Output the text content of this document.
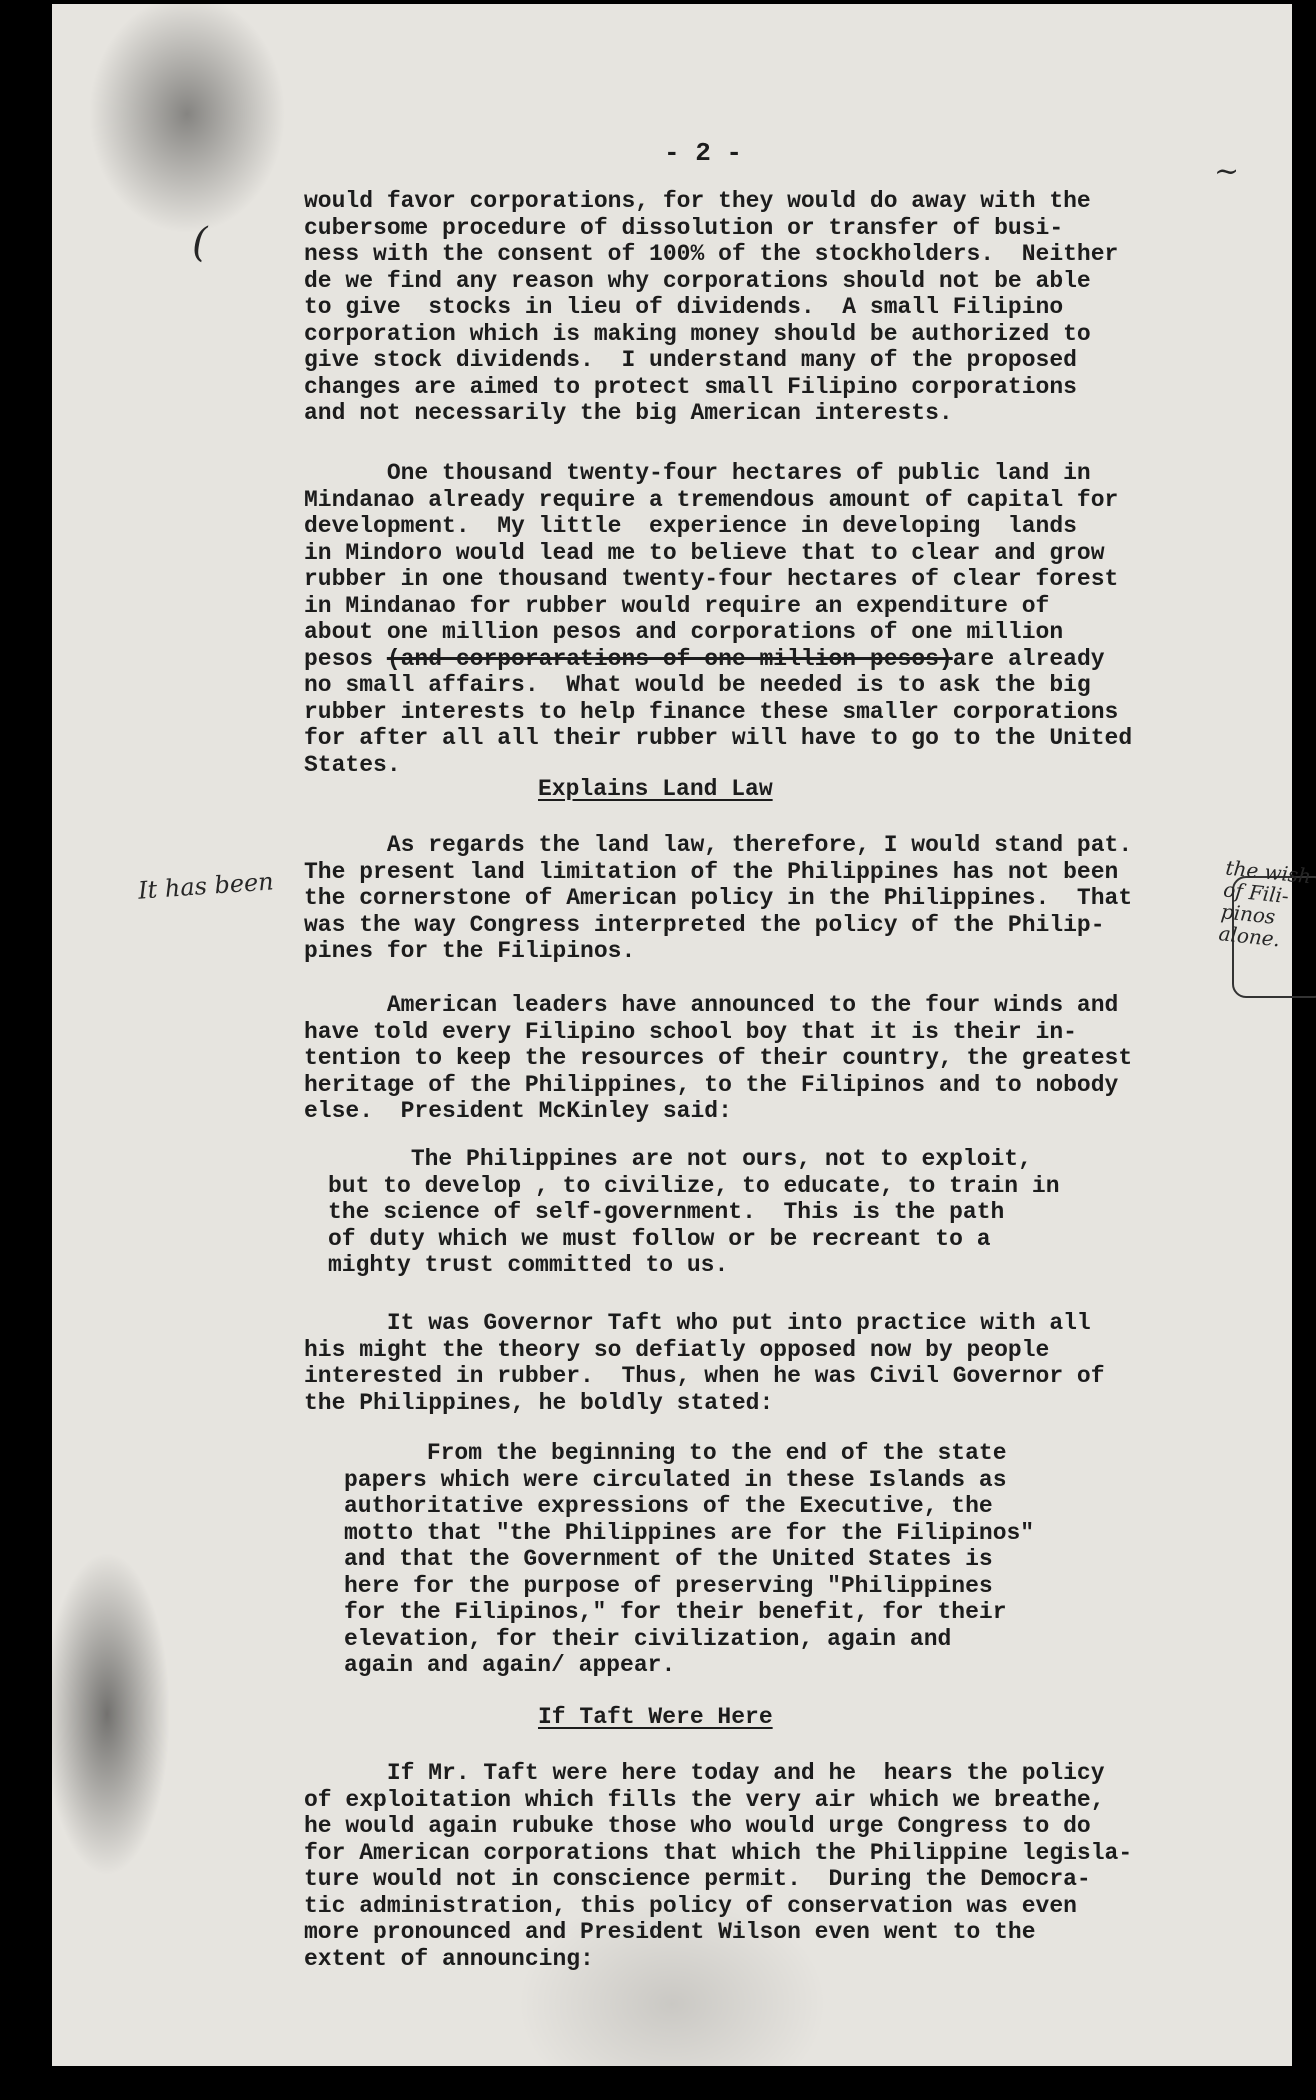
(
~
- 2 -
would favor corporations, for they would do away with the
cubersome procedure of dissolution or transfer of busi-
ness with the consent of 100% of the stockholders.  Neither
de we find any reason why corporations should not be able
to give  stocks in lieu of dividends.  A small Filipino
corporation which is making money should be authorized to
give stock dividends.  I understand many of the proposed
changes are aimed to protect small Filipino corporations
and not necessarily the big American interests.
One thousand twenty-four hectares of public land in
Mindanao already require a tremendous amount of capital for
development.  My little  experience in developing  lands
in Mindoro would lead me to believe that to clear and grow
rubber in one thousand twenty-four hectares of clear forest
in Mindanao for rubber would require an expenditure of
about one million pesos and corporations of one million
pesos (and corporarations of one million pesos)are already
no small affairs.  What would be needed is to ask the big
rubber interests to help finance these smaller corporations
for after all all their rubber will have to go to the United
States.
Explains Land Law
As regards the land law, therefore, I would stand pat.
The present land limitation of the Philippines has not been
the cornerstone of American policy in the Philippines.  That
was the way Congress interpreted the policy of the Philip-
pines for the Filipinos.
It has been	the wish
of Fili-
pinos
alone.
American leaders have announced to the four winds and
have told every Filipino school boy that it is their in-
tention to keep the resources of their country, the greatest
heritage of the Philippines, to the Filipinos and to nobody
else.  President McKinley said:
The Philippines are not ours, not to exploit,
but to develop , to civilize, to educate, to train in
the science of self-government.  This is the path
of duty which we must follow or be recreant to a
mighty trust committed to us.
It was Governor Taft who put into practice with all
his might the theory so defiatly opposed now by people
interested in rubber.  Thus, when he was Civil Governor of
the Philippines, he boldly stated:
From the beginning to the end of the state
papers which were circulated in these Islands as
authoritative expressions of the Executive, the
motto that "the Philippines are for the Filipinos"
and that the Government of the United States is
here for the purpose of preserving "Philippines
for the Filipinos," for their benefit, for their
elevation, for their civilization, again and
again and again/ appear.
If Taft Were Here
If Mr. Taft were here today and he  hears the policy
of exploitation which fills the very air which we breathe,
he would again rubuke those who would urge Congress to do
for American corporations that which the Philippine legisla-
ture would not in conscience permit.  During the Democra-
tic administration, this policy of conservation was even
more pronounced and President Wilson even went to the
extent of announcing:
